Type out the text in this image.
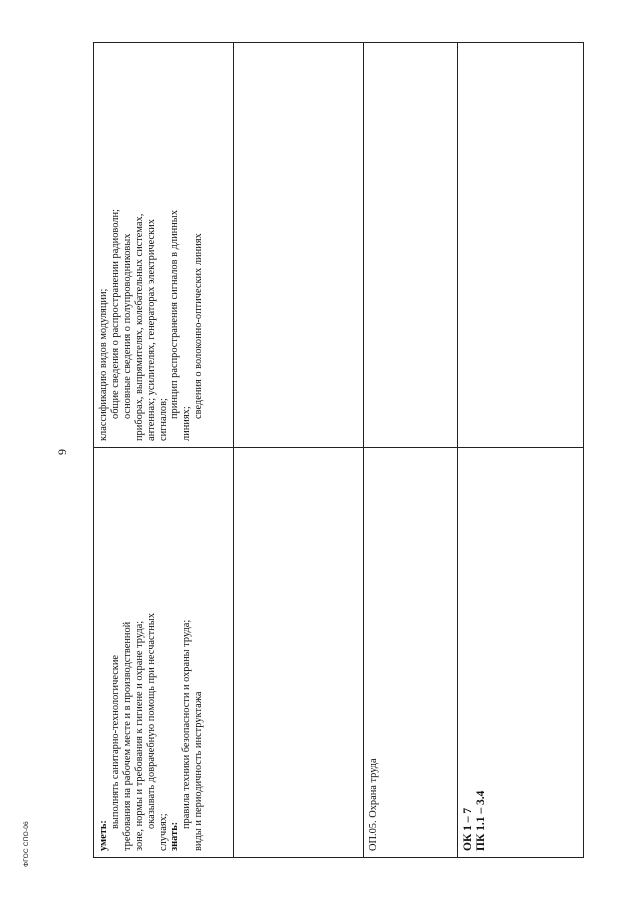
9
ФГОС СПО-06

классификацию видов модуляции; общие сведения о распространении радиоволн; основные сведения о полупроводниковых приборах, выпрямителях, колебательных системах, антеннах; усилителях, генераторах электрических сигналов;

принцип распространения сигналов в длинных

линиях;

сведения о волоконно-оптических линиях

уметь:

выполнять санитарно-технологические требования на рабочем месте и в производственной зоне, нормы и требования к гигиене и охране труда; оказывать доврачебную помощь при несчастных

случаях; знать:

правила техники безопасности и охраны труда; виды и периодичность инструктажа	ОП.05. Охрана труда	ОК 1 – 7 ПК 1.1 – 3.4
